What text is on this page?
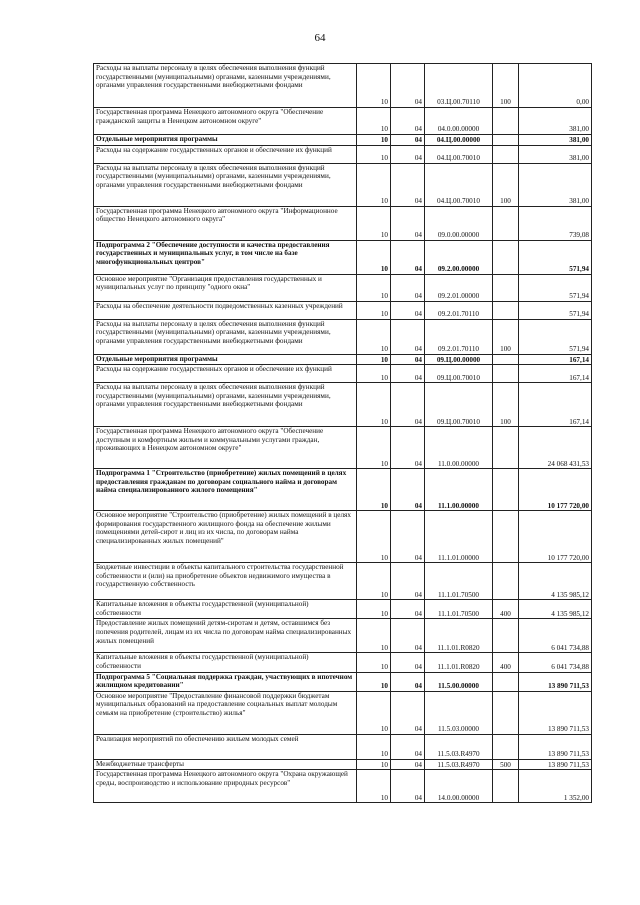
64
Расходы на выплаты персоналу в целях обеспечения выполнения функций государственными (муниципальными) органами, казенными учреждениями, органами управления государственными внебюджетными фондами	10	04	03.Ц.00.70110	100	0,00
Государственная программа Ненецкого автономного округа "Обеспечение гражданской защиты в Ненецком автономном округе"	10	04	04.0.00.00000		381,00
Отдельные мероприятия программы	10	04	04.Ц.00.00000		381,00
Расходы на содержание государственных органов и обеспечение их функций	10	04	04.Ц.00.70010		381,00
Расходы на выплаты персоналу в целях обеспечения выполнения функций государственными (муниципальными) органами, казенными учреждениями, органами управления государственными внебюджетными фондами	10	04	04.Ц.00.70010	100	381,00
Государственная программа Ненецкого автономного округа "Информационное общество Ненецкого автономного округа"	10	04	09.0.00.00000		739,08
Подпрограмма 2 "Обеспечение доступности и качества предоставления государственных и муниципальных услуг, в том числе на базе многофункциональных центров"	10	04	09.2.00.00000		571,94
Основное мероприятие "Организация предоставления государственных и муниципальных услуг по принципу "одного окна"	10	04	09.2.01.00000		571,94
Расходы на обеспечение деятельности подведомственных казенных учреждений	10	04	09.2.01.70110		571,94
Расходы на выплаты персоналу в целях обеспечения выполнения функций государственными (муниципальными) органами, казенными учреждениями, органами управления государственными внебюджетными фондами	10	04	09.2.01.70110	100	571,94
Отдельные мероприятия программы	10	04	09.Ц.00.00000		167,14
Расходы на содержание государственных органов и обеспечение их функций	10	04	09.Ц.00.70010		167,14
Расходы на выплаты персоналу в целях обеспечения выполнения функций государственными (муниципальными) органами, казенными учреждениями, органами управления государственными внебюджетными фондами	10	04	09.Ц.00.70010	100	167,14
Государственная программа Ненецкого автономного округа "Обеспечение доступным и комфортным жильем и коммунальными услугами граждан, проживающих в Ненецком автономном округе"	10	04	11.0.00.00000		24 068 431,53
Подпрограмма 1 "Строительство (приобретение) жилых помещений в целях предоставления гражданам по договорам социального найма и договорам найма специализированного жилого помещения"	10	04	11.1.00.00000		10 177 720,00
Основное мероприятие "Строительство (приобретение) жилых помещений в целях формирования государственного жилищного фонда на обеспечение жилыми помещениями детей-сирот и лиц из их числа, по договорам найма специализированных жилых помещений"	10	04	11.1.01.00000		10 177 720,00
Бюджетные инвестиции в объекты капитального строительства государственной собственности и (или) на приобретение объектов недвижимого имущества в государственную собственность	10	04	11.1.01.70500		4 135 985,12
Капитальные вложения в объекты государственной (муниципальной) собственности	10	04	11.1.01.70500	400	4 135 985,12
Предоставление жилых помещений детям-сиротам и детям, оставшимся без попечения родителей, лицам из их числа по договорам найма специализированных жилых помещений	10	04	11.1.01.R0820		6 041 734,88
Капитальные вложения в объекты государственной (муниципальной) собственности	10	04	11.1.01.R0820	400	6 041 734,88
Подпрограмма 5 "Социальная поддержка граждан, участвующих в ипотечном жилищном кредитовании"	10	04	11.5.00.00000		13 890 711,53
Основное мероприятие "Предоставление финансовой поддержки бюджетам муниципальных образований на предоставление социальных выплат молодым семьям на приобретение (строительство) жилья"	10	04	11.5.03.00000		13 890 711,53
Реализация мероприятий по обеспечению жильем молодых семей	10	04	11.5.03.R4970		13 890 711,53
Межбюджетные трансферты	10	04	11.5.03.R4970	500	13 890 711,53
Государственная программа Ненецкого автономного округа "Охрана окружающей среды, воспроизводство и использование природных ресурсов"	10	04	14.0.00.00000		1 352,00
